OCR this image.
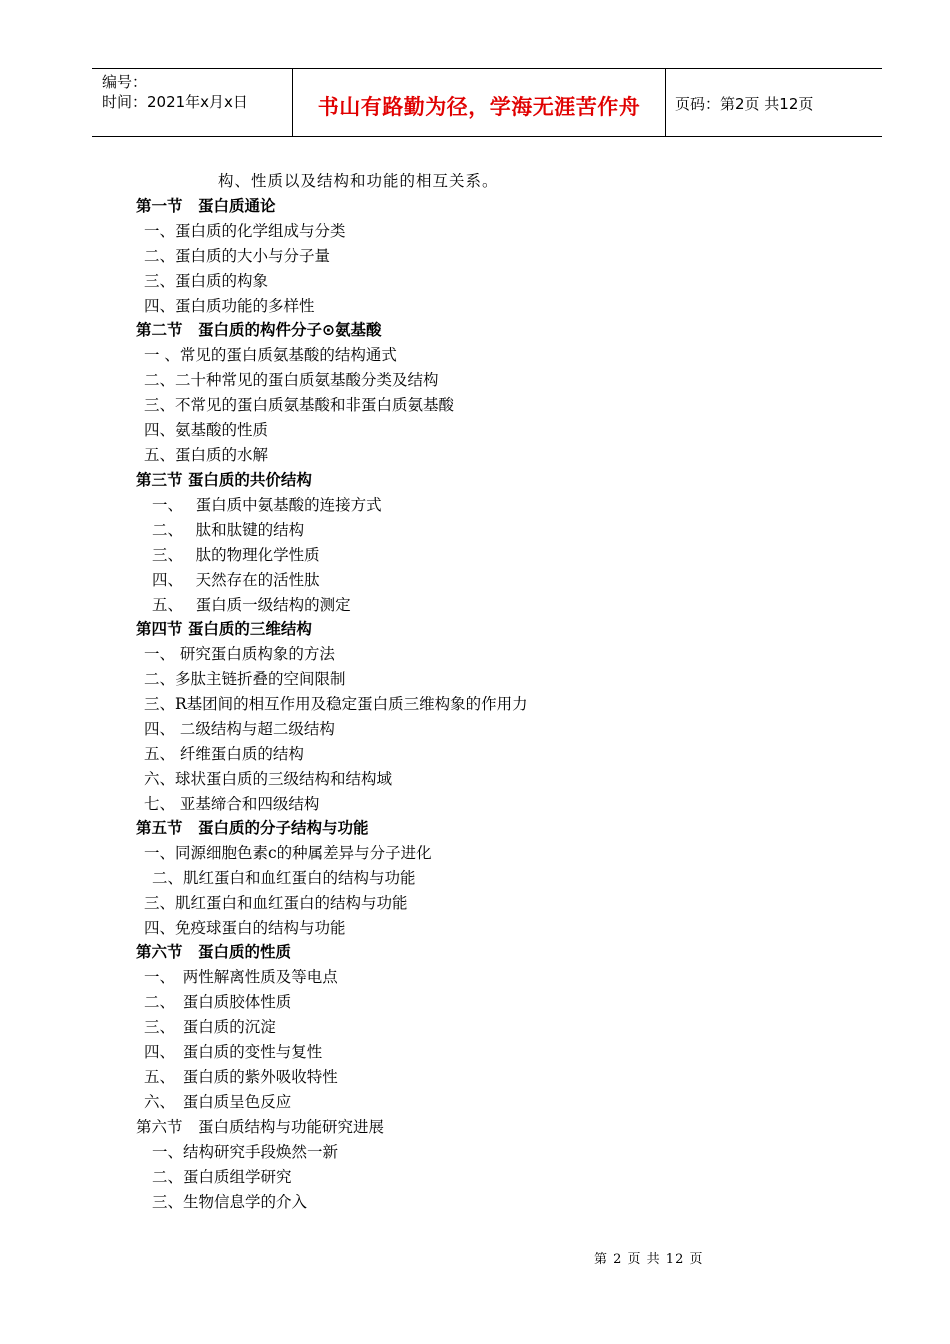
编号：
时间：2021年x月x日	书山有路勤为径，学海无涯苦作舟	页码：第2页 共12页
构、性质以及结构和功能的相互关系。
第一节　蛋白质通论
一、蛋白质的化学组成与分类
二、蛋白质的大小与分子量
三、蛋白质的构象
四、蛋白质功能的多样性
第二节　蛋白质的构件分子⊙氨基酸
一 、常见的蛋白质氨基酸的结构通式
二、二十种常见的蛋白质氨基酸分类及结构
三、不常见的蛋白质氨基酸和非蛋白质氨基酸
四、氨基酸的性质
五、蛋白质的水解
第三节 蛋白质的共价结构
一、　 蛋白质中氨基酸的连接方式
二、　 肽和肽键的结构
三、　 肽的物理化学性质
四、　 天然存在的活性肽
五、　 蛋白质一级结构的测定
第四节 蛋白质的三维结构
一、 研究蛋白质构象的方法
二、多肽主链折叠的空间限制
三、R基团间的相互作用及稳定蛋白质三维构象的作用力
四、 二级结构与超二级结构
五、 纤维蛋白质的结构
六、球状蛋白质的三级结构和结构域
七、 亚基缔合和四级结构
第五节　蛋白质的分子结构与功能
一、同源细胞色素c的种属差异与分子进化
二、肌红蛋白和血红蛋白的结构与功能
三、肌红蛋白和血红蛋白的结构与功能
四、免疫球蛋白的结构与功能
第六节　蛋白质的性质
一、　两性解离性质及等电点
二、　蛋白质胶体性质
三、　蛋白质的沉淀
四、　蛋白质的变性与复性
五、　蛋白质的紫外吸收特性
六、　蛋白质呈色反应
第六节　蛋白质结构与功能研究进展
一、结构研究手段焕然一新
二、蛋白质组学研究
三、生物信息学的介入
第 2 页 共 12 页
